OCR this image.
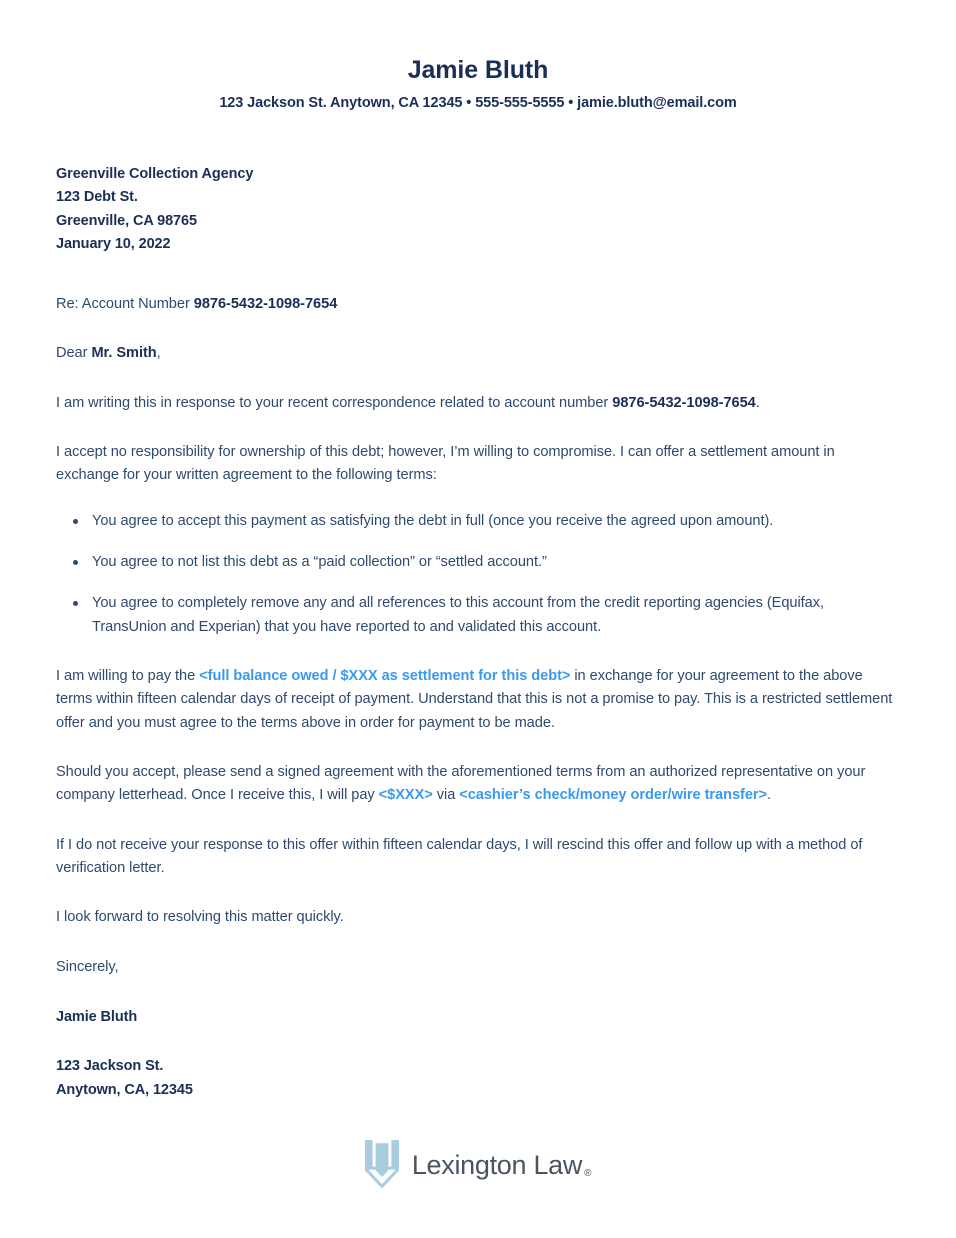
Jamie Bluth
123 Jackson St. Anytown, CA 12345 • 555-555-5555 • jamie.bluth@email.com
Greenville Collection Agency
123 Debt St.
Greenville, CA 98765
January 10, 2022
Re: Account Number 9876-5432-1098-7654
Dear Mr. Smith,
I am writing this in response to your recent correspondence related to account number 9876-5432-1098-7654.
I accept no responsibility for ownership of this debt; however, I’m willing to compromise. I can offer a settlement amount in exchange for your written agreement to the following terms:
You agree to accept this payment as satisfying the debt in full (once you receive the agreed upon amount).
You agree to not list this debt as a “paid collection” or “settled account.”
You agree to completely remove any and all references to this account from the credit reporting agencies (Equifax, TransUnion and Experian) that you have reported to and validated this account.
I am willing to pay the <full balance owed / $XXX as settlement for this debt> in exchange for your agreement to the above terms within fifteen calendar days of receipt of payment. Understand that this is not a promise to pay. This is a restricted settlement offer and you must agree to the terms above in order for payment to be made.
Should you accept, please send a signed agreement with the aforementioned terms from an authorized representative on your company letterhead. Once I receive this, I will pay <$XXX> via <cashier’s check/money order/wire transfer>.
If I do not receive your response to this offer within fifteen calendar days, I will rescind this offer and follow up with a method of verification letter.
I look forward to resolving this matter quickly.
Sincerely,
Jamie Bluth
123 Jackson St.
Anytown, CA, 12345
Lexington Law ®
